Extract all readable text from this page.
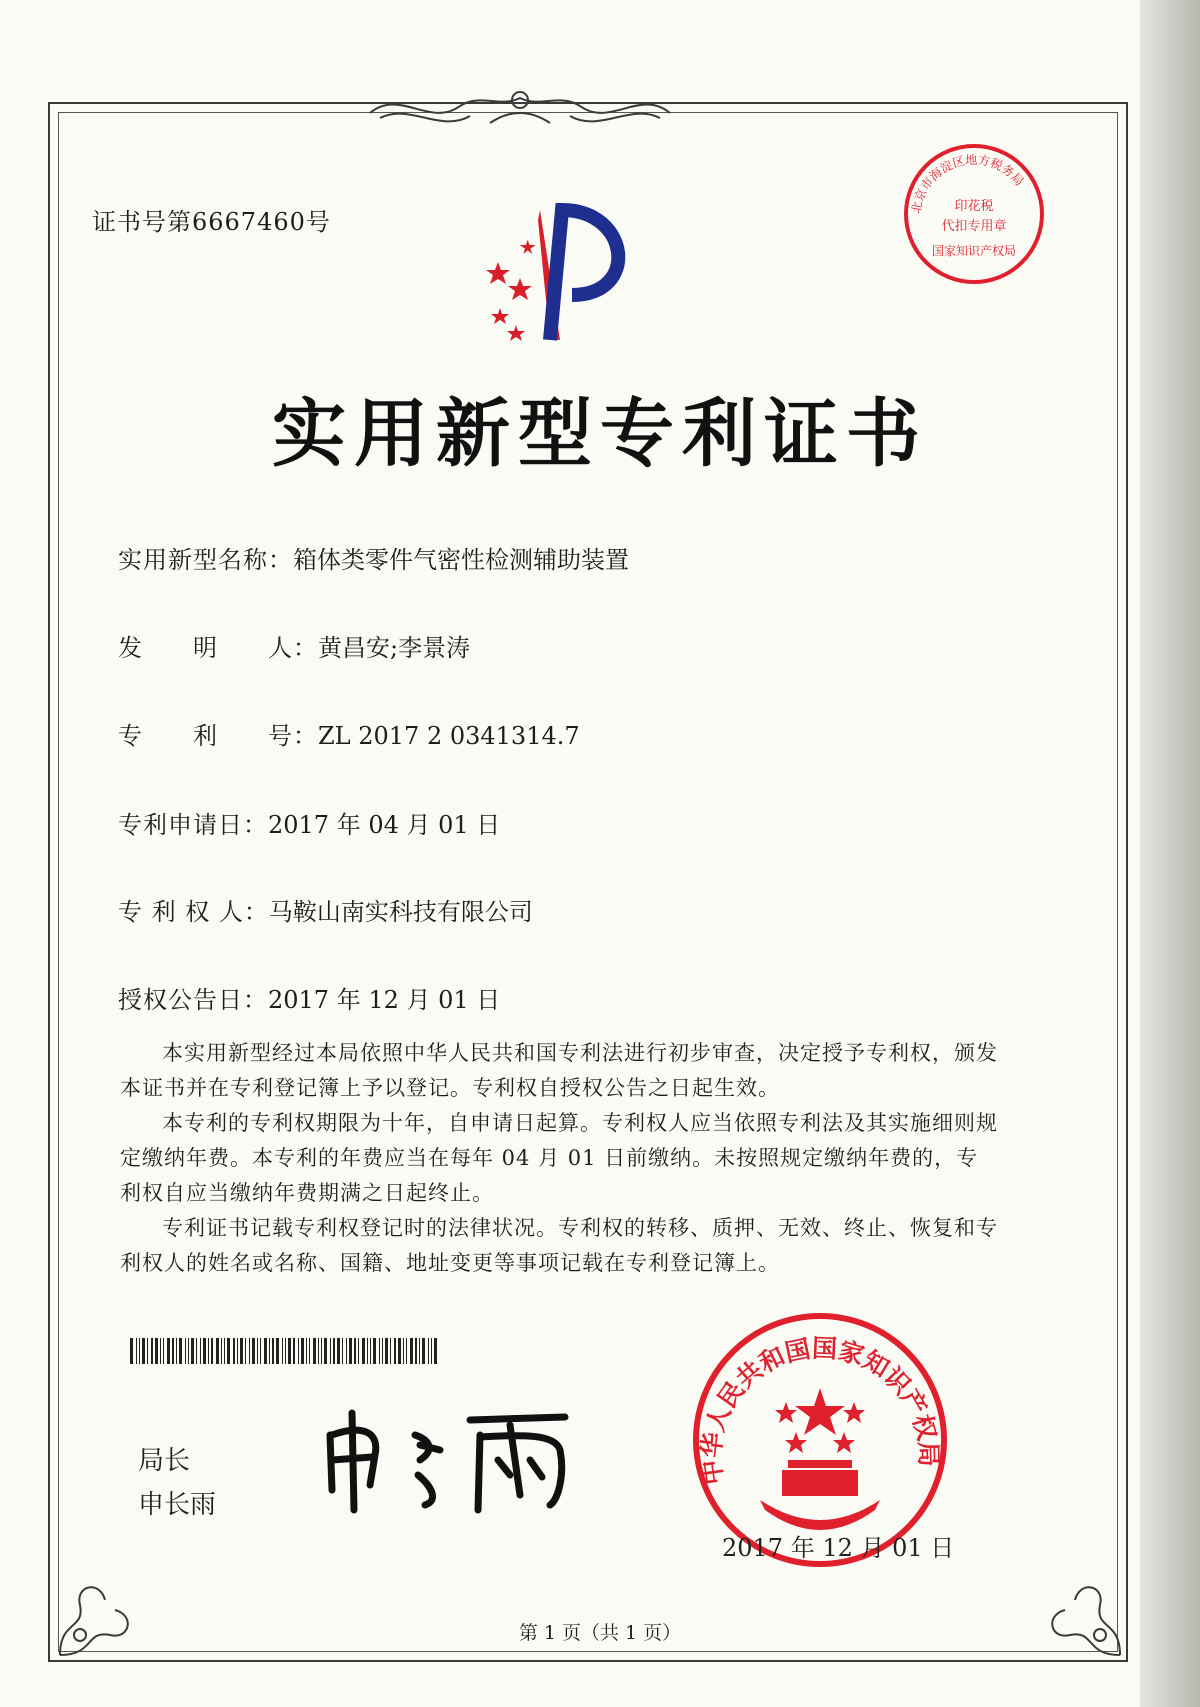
证书号第6667460号
北京市海淀区地方税务局
印花税
代扣专用章
国家知识产权局
实用新型专利证书
实用新型名称：箱体类零件气密性检测辅助装置
发　　明　　人：黄昌安;李景涛
专　　利　　号：ZL 2017 2 0341314.7
专利申请日：2017 年 04 月 01 日
专 利 权 人：马鞍山南实科技有限公司
授权公告日：2017 年 12 月 01 日

本实用新型经过本局依照中华人民共和国专利法进行初步审查，决定授予专利权，颁发本证书并在专利登记簿上予以登记。专利权自授权公告之日起生效。

本专利的专利权期限为十年，自申请日起算。专利权人应当依照专利法及其实施细则规定缴纳年费。本专利的年费应当在每年 04 月 01 日前缴纳。未按照规定缴纳年费的，专利权自应当缴纳年费期满之日起终止。

专利证书记载专利权登记时的法律状况。专利权的转移、质押、无效、终止、恢复和专利权人的姓名或名称、国籍、地址变更等事项记载在专利登记簿上。

局长
申长雨
中华人民共和国国家知识产权局
2017 年 12 月 01 日
第 1 页（共 1 页）
